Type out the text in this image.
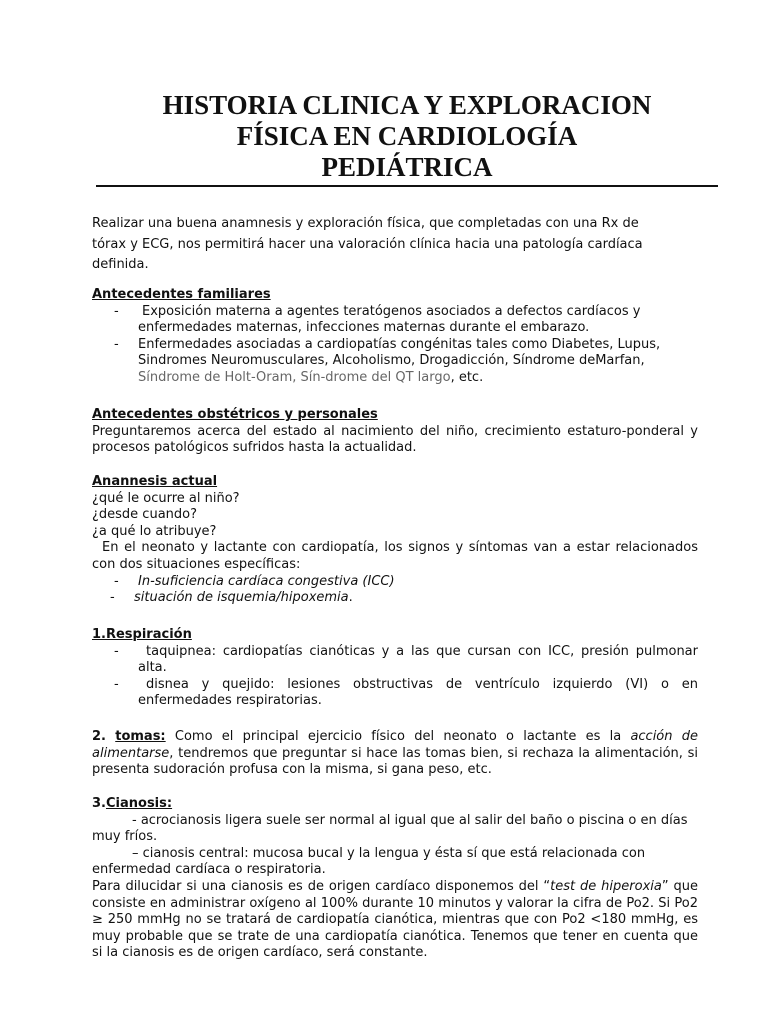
HISTORIA CLINICA Y EXPLORACION
FÍSICA EN CARDIOLOGÍA
PEDIÁTRICA
Realizar una buena anamnesis y exploración física, que completadas con una Rx de
tórax y ECG, nos permitirá hacer una valoración clínica hacia una patología cardíaca
definida.

Antecedentes familiares

-	Exposición materna a agentes teratógenos asociados a defectos cardíacos y enfermedades maternas, infecciones maternas durante el embarazo.
-	Enfermedades asociadas a cardiopatías congénitas tales como Diabetes, Lupus, Sindromes Neuromusculares, Alcoholismo, Drogadicción, Síndrome deMarfan, Síndrome de Holt-Oram, Sín-drome del QT largo, etc.

Antecedentes obstétricos y personales

Preguntaremos acerca del estado al nacimiento del niño, crecimiento estaturo-ponderal y procesos patológicos sufridos hasta la actualidad.

Anannesis actual

¿qué le ocurre al niño?

¿desde cuando?

¿a qué lo atribuye?

En el neonato y lactante con cardiopatía, los signos y síntomas van a estar relacionados con dos situaciones específicas:

-	In-suficiencia cardíaca congestiva (ICC)
-	situación de isquemia/hipoxemia.

1.Respiración

-	taquipnea: cardiopatías cianóticas y a las que cursan con ICC, presión pulmonar alta.
-	disnea y quejido: lesiones obstructivas de ventrículo izquierdo (VI) o en enfermedades respiratorias.

2. tomas: Como el principal ejercicio físico del neonato o lactante es la acción de alimentarse, tendremos que preguntar si hace las tomas bien, si rechaza la alimentación, si presenta sudoración profusa con la misma, si gana peso, etc.

3.Cianosis:

- acrocianosis ligera suele ser normal al igual que al salir del baño o piscina o en días muy fríos.

– cianosis central: mucosa bucal y la lengua y ésta sí que está relacionada con enfermedad cardíaca o respiratoria.

Para dilucidar si una cianosis es de origen cardíaco disponemos del “test de hiperoxia” que consiste en administrar oxígeno al 100% durante 10 minutos y valorar la cifra de Po2. Si Po2 ≥ 250 mmHg no se tratará de cardiopatía cianótica, mientras que con Po2 <180 mmHg, es muy probable que se trate de una cardiopatía cianótica. Tenemos que tener en cuenta que si la cianosis es de origen cardíaco, será constante.
